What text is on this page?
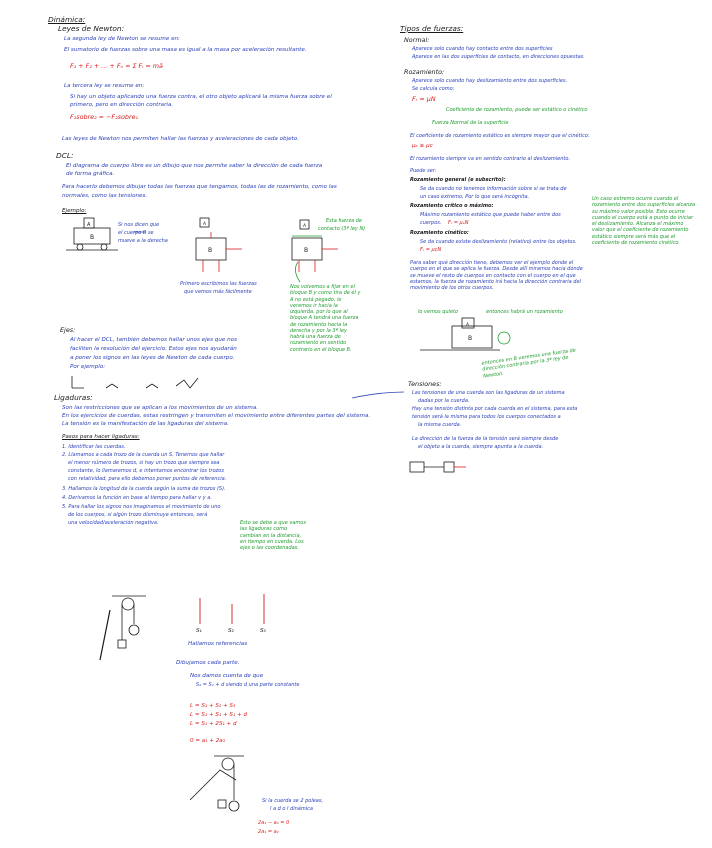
Dinámica:
Leyes de Newton:
La segunda ley de Newton se resume en:
El sumatorio de fuerzas sobre una masa es igual a la masa por aceleración resultante.
F₁ + F₂ + ... + Fₙ = Σ Fᵢ = mā
La tercera ley se resume en:
Si hay un objeto aplicando una fuerza contra, el otro objeto aplicará la misma fuerza sobre el
primero, pero en dirección contraria.
F₁sobre₂ = −F₂sobre₁
Las leyes de Newton nos permiten hallar las fuerzas y aceleraciones de cada objeto.
DCL:
El diagrama de cuerpo libre es un dibujo que nos permite saber la dirección de cada fuerza
de forma gráfica.
Para hacerlo debemos dibujar todas las fuerzas que tengamos, todas las de rozamiento, como las
normales, como las tensiones.
Ejemplo:
Si nos dicen que
el cuerpo B se
mueve a la derecha
Primero escribimos las fuerzas
que vemos más fácilmente
Esta fuerza de
contacto (3ª ley N)
Nos volvemos a fijar en el bloque B y como tira de él y A no está pegado, le veremos ir hacia la izquierda, por lo que al bloque A tendrá una fuerza de rozamiento hacia la derecha y por la 3ª ley habrá una fuerza de rozamiento en sentido contrario en el bloque B.
Ejes:
Al hacer el DCL, también debemos hallar unos ejes que nos
faciliten la resolución del ejercicio. Estos ejes nos ayudarán
a poner los signos en las leyes de Newton de cada cuerpo.
Por ejemplo:
Ligaduras:
Son las restricciones que se aplican a los movimientos de un sistema.
En los ejercicios de cuerdas, estas restringen y transmiten el movimiento entre diferentes partes del sistema.
La tensión es la manifestación de las ligaduras del sistema.
Pasos para hacer ligaduras:
1. Identificar las cuerdas.
2. Llamamos a cada trozo de la cuerda un S. Tenemos que hallar
el menor número de trozos, si hay un trozo que siempre sea
constante, lo llamaremos d, e intentamos encontrar los trozos
con relatividad, para ello debemos poner puntos de referencia.
3. Hallamos la longitud de la cuerda según la suma de trozos (S).
4. Derivamos la función en base al tiempo para hallar v y a.
5. Para hallar los signos nos imaginamos el movimiento de uno
de los cuerpos, si algún trozo disminuye entonces, será
una velocidad/aceleración negativa.	Esto se debe a que vamos las ligaduras como cambian en la distancia, en tiempo en cuerda. Los ejes o las coordenadas.
S₁	S₂	S₃
Hallamos referencias
Dibujamos cada parte.
Nos damos cuenta de que
S₂ = S₁ + d siendo d una parte constante
L = S₁ + S₂ + S₃
L = S₁ + S₁ + S₁ + d
L = S₁ + 2S₁ + d
0 = a₁ + 2a₃
Si la cuerda se 2 poleas,
l a d o l dinámica
2a₁ − a₂ = 0
2a₁ = a₂
Tipos de fuerzas:
Normal:
Aparece solo cuando hay contacto entre dos superficies
Aparece en las dos superficies de contacto, en direcciones opuestas.
Rozamiento:
Aparece solo cuando hay deslizamiento entre dos superficies.
Se calcula como:
Fᵣ = μN
Coeficiente de rozamiento, puede ser estático o cinético
Fuerza Normal de la superficie
El coeficiente de rozamiento estático es siempre mayor que el cinético:
μₑ ≥ μc
El rozamiento siempre va en sentido contrario al deslizamiento.
Puede ser:
Rozamiento general (e subscrito):
Se da cuando no tenemos información sobre si se trata de
un caso extremo, Por lo que será incógnita.
Rozamiento crítico o máximo:
Máximo rozamiento estático que puede haber entre dos
cuerpos. Fᵣ = μₑN
Rozamiento cinético:
Se da cuando existe deslizamiento (relativo) entre los objetos.
Fᵣ = μcN
Un caso extremo ocurre cuando el rozamiento entre dos superficies alcanza su máximo valor posible. Esto ocurre cuando el cuerpo está a punto de iniciar el deslizamiento. Alcanza el máximo valor que el coeficiente de rozamiento estático siempre será más que el coeficiente de rozamiento cinético.
Para saber qué dirección tiene, debemos ver el ejemplo donde el cuerpo en el que se aplica la fuerza. Desde allí miramos hacia dónde se mueve el resto de cuerpos en contacto con el cuerpo en el que estamos, la fuerza de rozamiento irá hacia la dirección contraria del movimiento de los otros cuerpos.
lo vemos quieto	entonces habrá un rozamiento
entonces en B veremos una fuerza de dirección contraria por la 3ª ley de Newton.
Tensiones:
Las tensiones de una cuerda son las ligaduras de un sistema
dadas por la cuerda.
Hay una tensión distinta por cada cuerda en el sistema, para esta
tensión será la misma para todos los cuerpos conectados a
la misma cuerda.
La dirección de la fuerza de la tensión será siempre desde
el objeto a la cuerda, siempre apunta a la cuerda.
A
B
A
B
A
B
A
B
